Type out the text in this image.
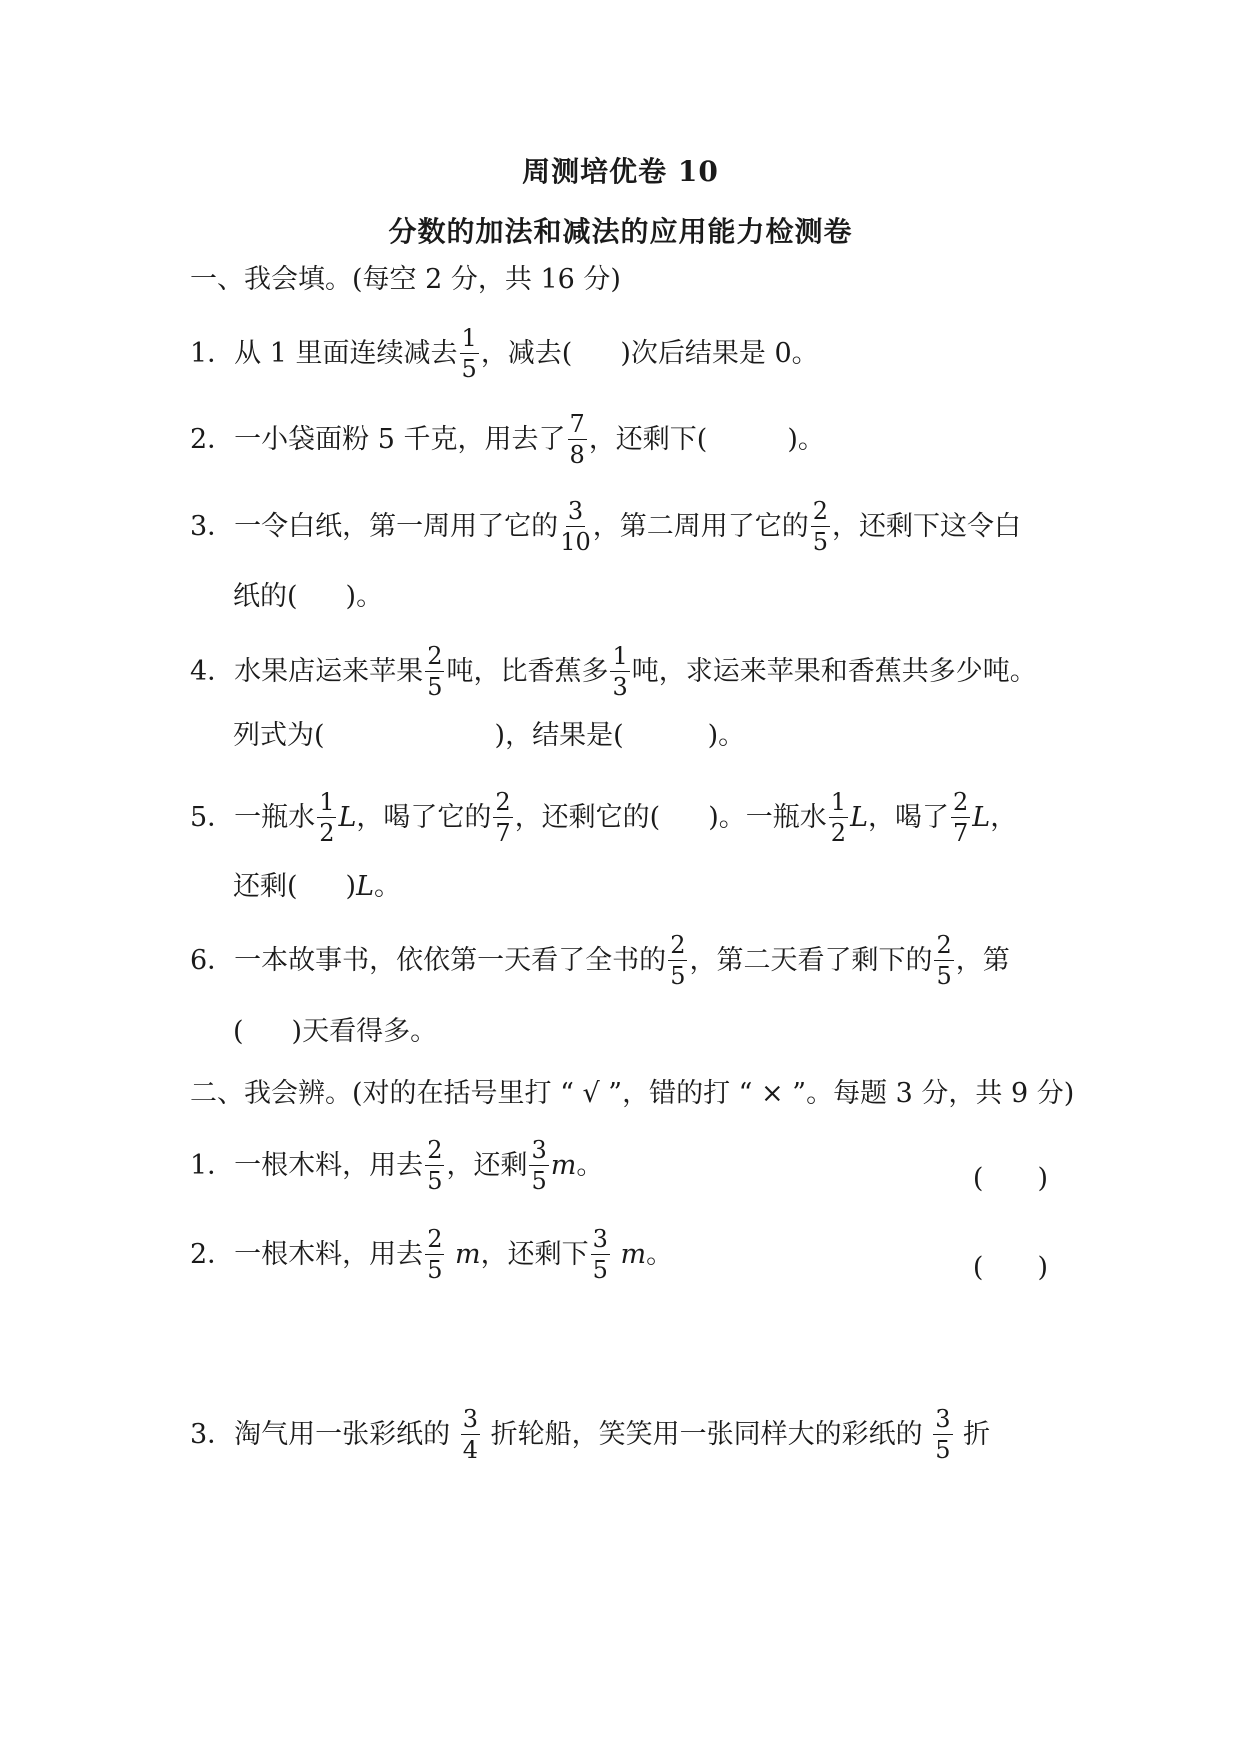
周测培优卷 10
分数的加法和减法的应用能力检测卷
一、我会填。(每空 2 分，共 16 分)
1．从 1 里面连续减去 $\frac{1}{5}$ ，减去( )次后结果是 0。
2．一小袋面粉 5 千克，用去了 $\frac{7}{8}$ ，还剩下(	)。
3．一令白纸，第一周用了它的 $\frac{3}{10}$ ，第二周用了它的 $\frac{2}{5}$ ，还剩下这令白
纸的( )。
4．水果店运来苹果 $\frac{2}{5}$ 吨，比香蕉多 $\frac{1}{3}$ 吨，求运来苹果和香蕉共多少吨。
列式为(	)，结果是(	)。
5．一瓶水 $\frac{1}{2}$ L ，喝了它的 $\frac{2}{7}$ ，还剩它的( )。一瓶水 $\frac{1}{2}$ L ，喝了 $\frac{2}{7}$ L ，
还剩( ) L 。
6．一本故事书，依依第一天看了全书的 $\frac{2}{5}$ ，第二天看了剩下的 $\frac{2}{5}$ ，第
( )天看得多。
二、我会辨。(对的在括号里打 “ √ ”，错的打 “ × ”。每题 3 分，共 9 分)
1．一根木料，用去 $\frac{2}{5}$ ，还剩 $\frac{3}{5}$ m 。	(　　)
2．一根木料，用去 $\frac{2}{5}$ m ，还剩下 $\frac{3}{5}$ m 。	(　　)
3．淘气用一张彩纸的 $\frac{3}{4}$ 折轮船，笑笑用一张同样大的彩纸的 $\frac{3}{5}$ 折
